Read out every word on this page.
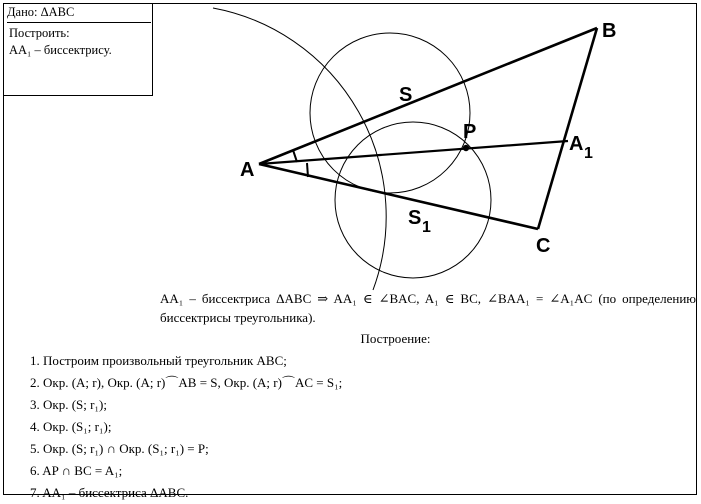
Дано: ΔABC
Построить:
AA₁ – биссектрису.
A
B
C
S
P
A 1
S 1
AA₁ – биссектриса ΔABC ⇒ AA₁ ∈ ∠BAC, A₁ ∈ BC, ∠BAA₁ = ∠A₁AC (по определению биссектрисы треугольника).
Построение:
1. Построим произвольный треугольник ABC;
2. Окр. (A; r), Окр. (A; r)⌒AB = S, Окр. (A; r)⌒AC = S₁;
3. Окр. (S; r₁);
4. Окр. (S₁; r₁);
5. Окр. (S; r₁) ∩ Окр. (S₁; r₁) = P;
6. AP ∩ BC = A₁;
7. AA₁ – биссектриса ΔABC.
